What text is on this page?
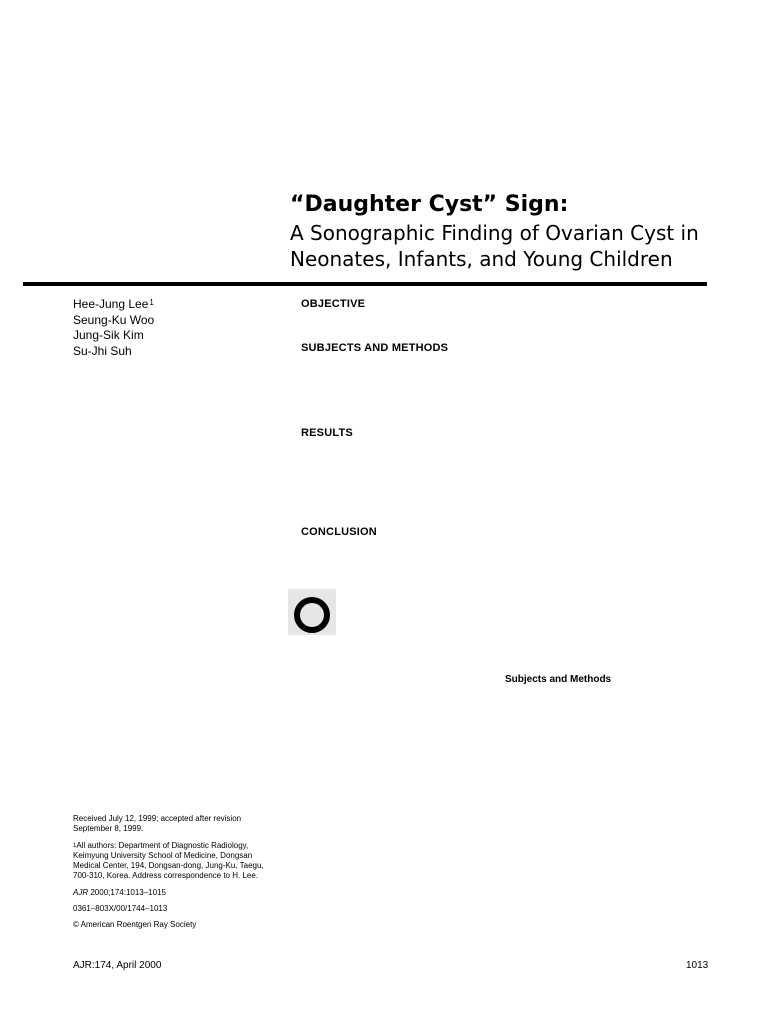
“Daughter Cyst” Sign:
A Sonographic Finding of Ovarian Cyst in
Neonates, Infants, and Young Children
Hee-Jung Lee$^1$
Seung-Ku Woo
Jung-Sik Kim
Su-Jhi Suh
OBJECTIVE
SUBJECTS AND METHODS
RESULTS
CONCLUSION
Subjects and Methods

Received July 12, 1999; accepted after revision September 8, 1999.

$^1$All authors: Department of Diagnostic Radiology, Keimyung University School of Medicine, Dongsan Medical Center, 194, Dongsan-dong, Jung-Ku, Taegu, 700-310, Korea. Address correspondence to H. Lee.

AJR 2000;174:1013–1015

0361–803X/00/1744–1013

© American Roentgen Ray Society

AJR:174, April 2000	1013
